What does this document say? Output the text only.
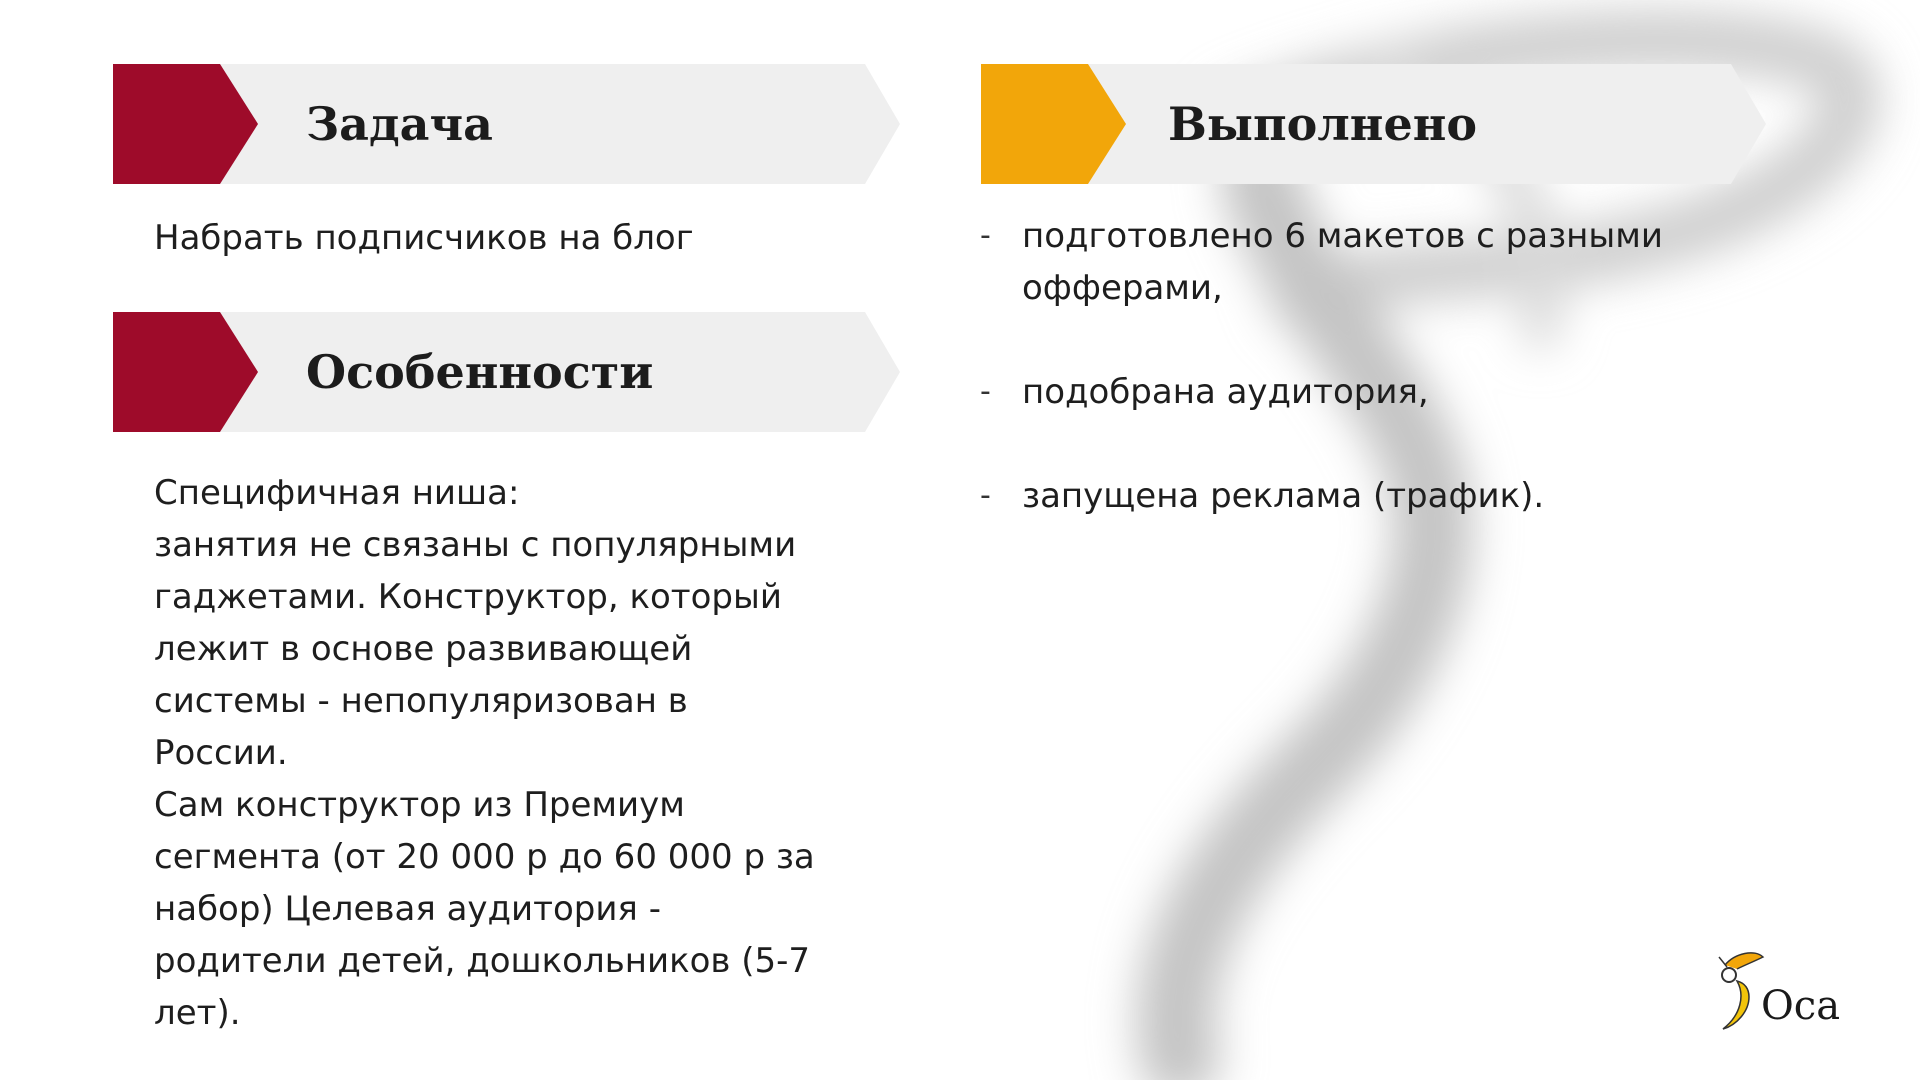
Задача
Набрать подписчиков на блог
Особенности
Специфичная ниша:
занятия не связаны с популярными
гаджетами. Конструктор, который
лежит в основе развивающей
системы - непопуляризован в
России.
Сам конструктор из Премиум
сегмента (от 20 000 р до 60 000 р за
набор) Целевая аудитория -
родители детей, дошкольников (5-7
лет).
Выполнено
- подготовлено 6 макетов с разными
офферами,
- подобрана аудитория,
- запущена реклама (трафик).
Оса
